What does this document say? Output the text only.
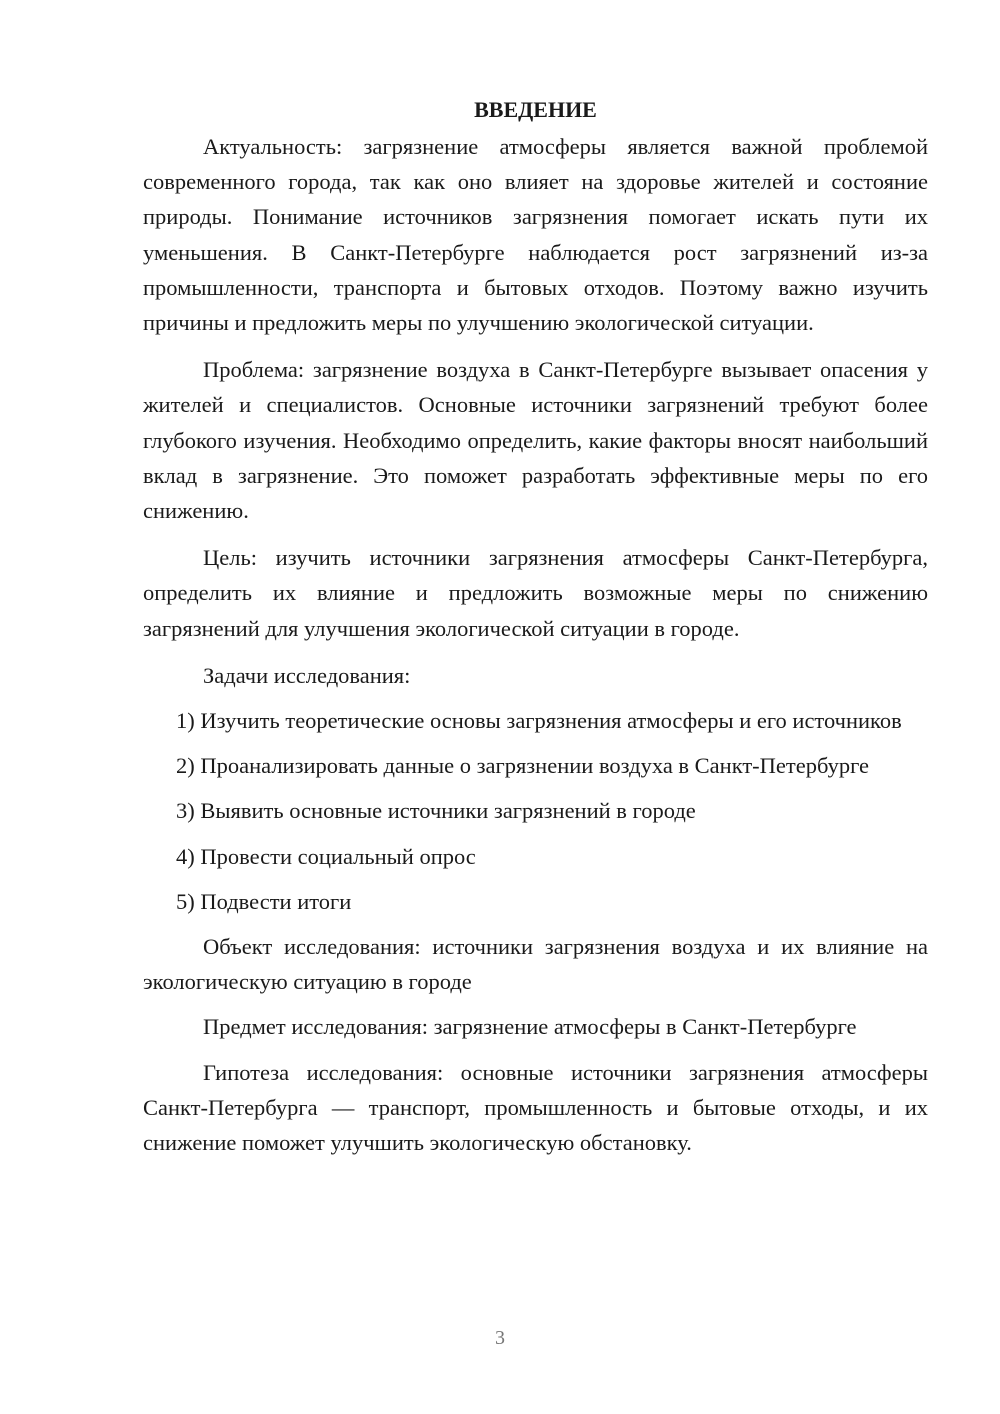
ВВЕДЕНИЕ

Актуальность: загрязнение атмосферы является важной проблемой современного города, так как оно влияет на здоровье жителей и состояние природы. Понимание источников загрязнения помогает искать пути их уменьшения. В Санкт-Петербурге наблюдается рост загрязнений из-за промышленности, транспорта и бытовых отходов. Поэтому важно изучить причины и предложить меры по улучшению экологической ситуации.

Проблема: загрязнение воздуха в Санкт-Петербурге вызывает опасения у жителей и специалистов. Основные источники загрязнений требуют более глубокого изучения. Необходимо определить, какие факторы вносят наибольший вклад в загрязнение. Это поможет разработать эффективные меры по его снижению.

Цель: изучить источники загрязнения атмосферы Санкт-Петербурга, определить их влияние и предложить возможные меры по снижению загрязнений для улучшения экологической ситуации в городе.

Задачи исследования:

1) Изучить теоретические основы загрязнения атмосферы и его источников

2) Проанализировать данные о загрязнении воздуха в Санкт-Петербурге

3) Выявить основные источники загрязнений в городе

4) Провести социальный опрос

5) Подвести итоги

Объект исследования: источники загрязнения воздуха и их влияние на экологическую ситуацию в городе

Предмет исследования: загрязнение атмосферы в Санкт-Петербурге

Гипотеза исследования: основные источники загрязнения атмосферы Санкт-Петербурга — транспорт, промышленность и бытовые отходы, и их снижение поможет улучшить экологическую обстановку.

3
